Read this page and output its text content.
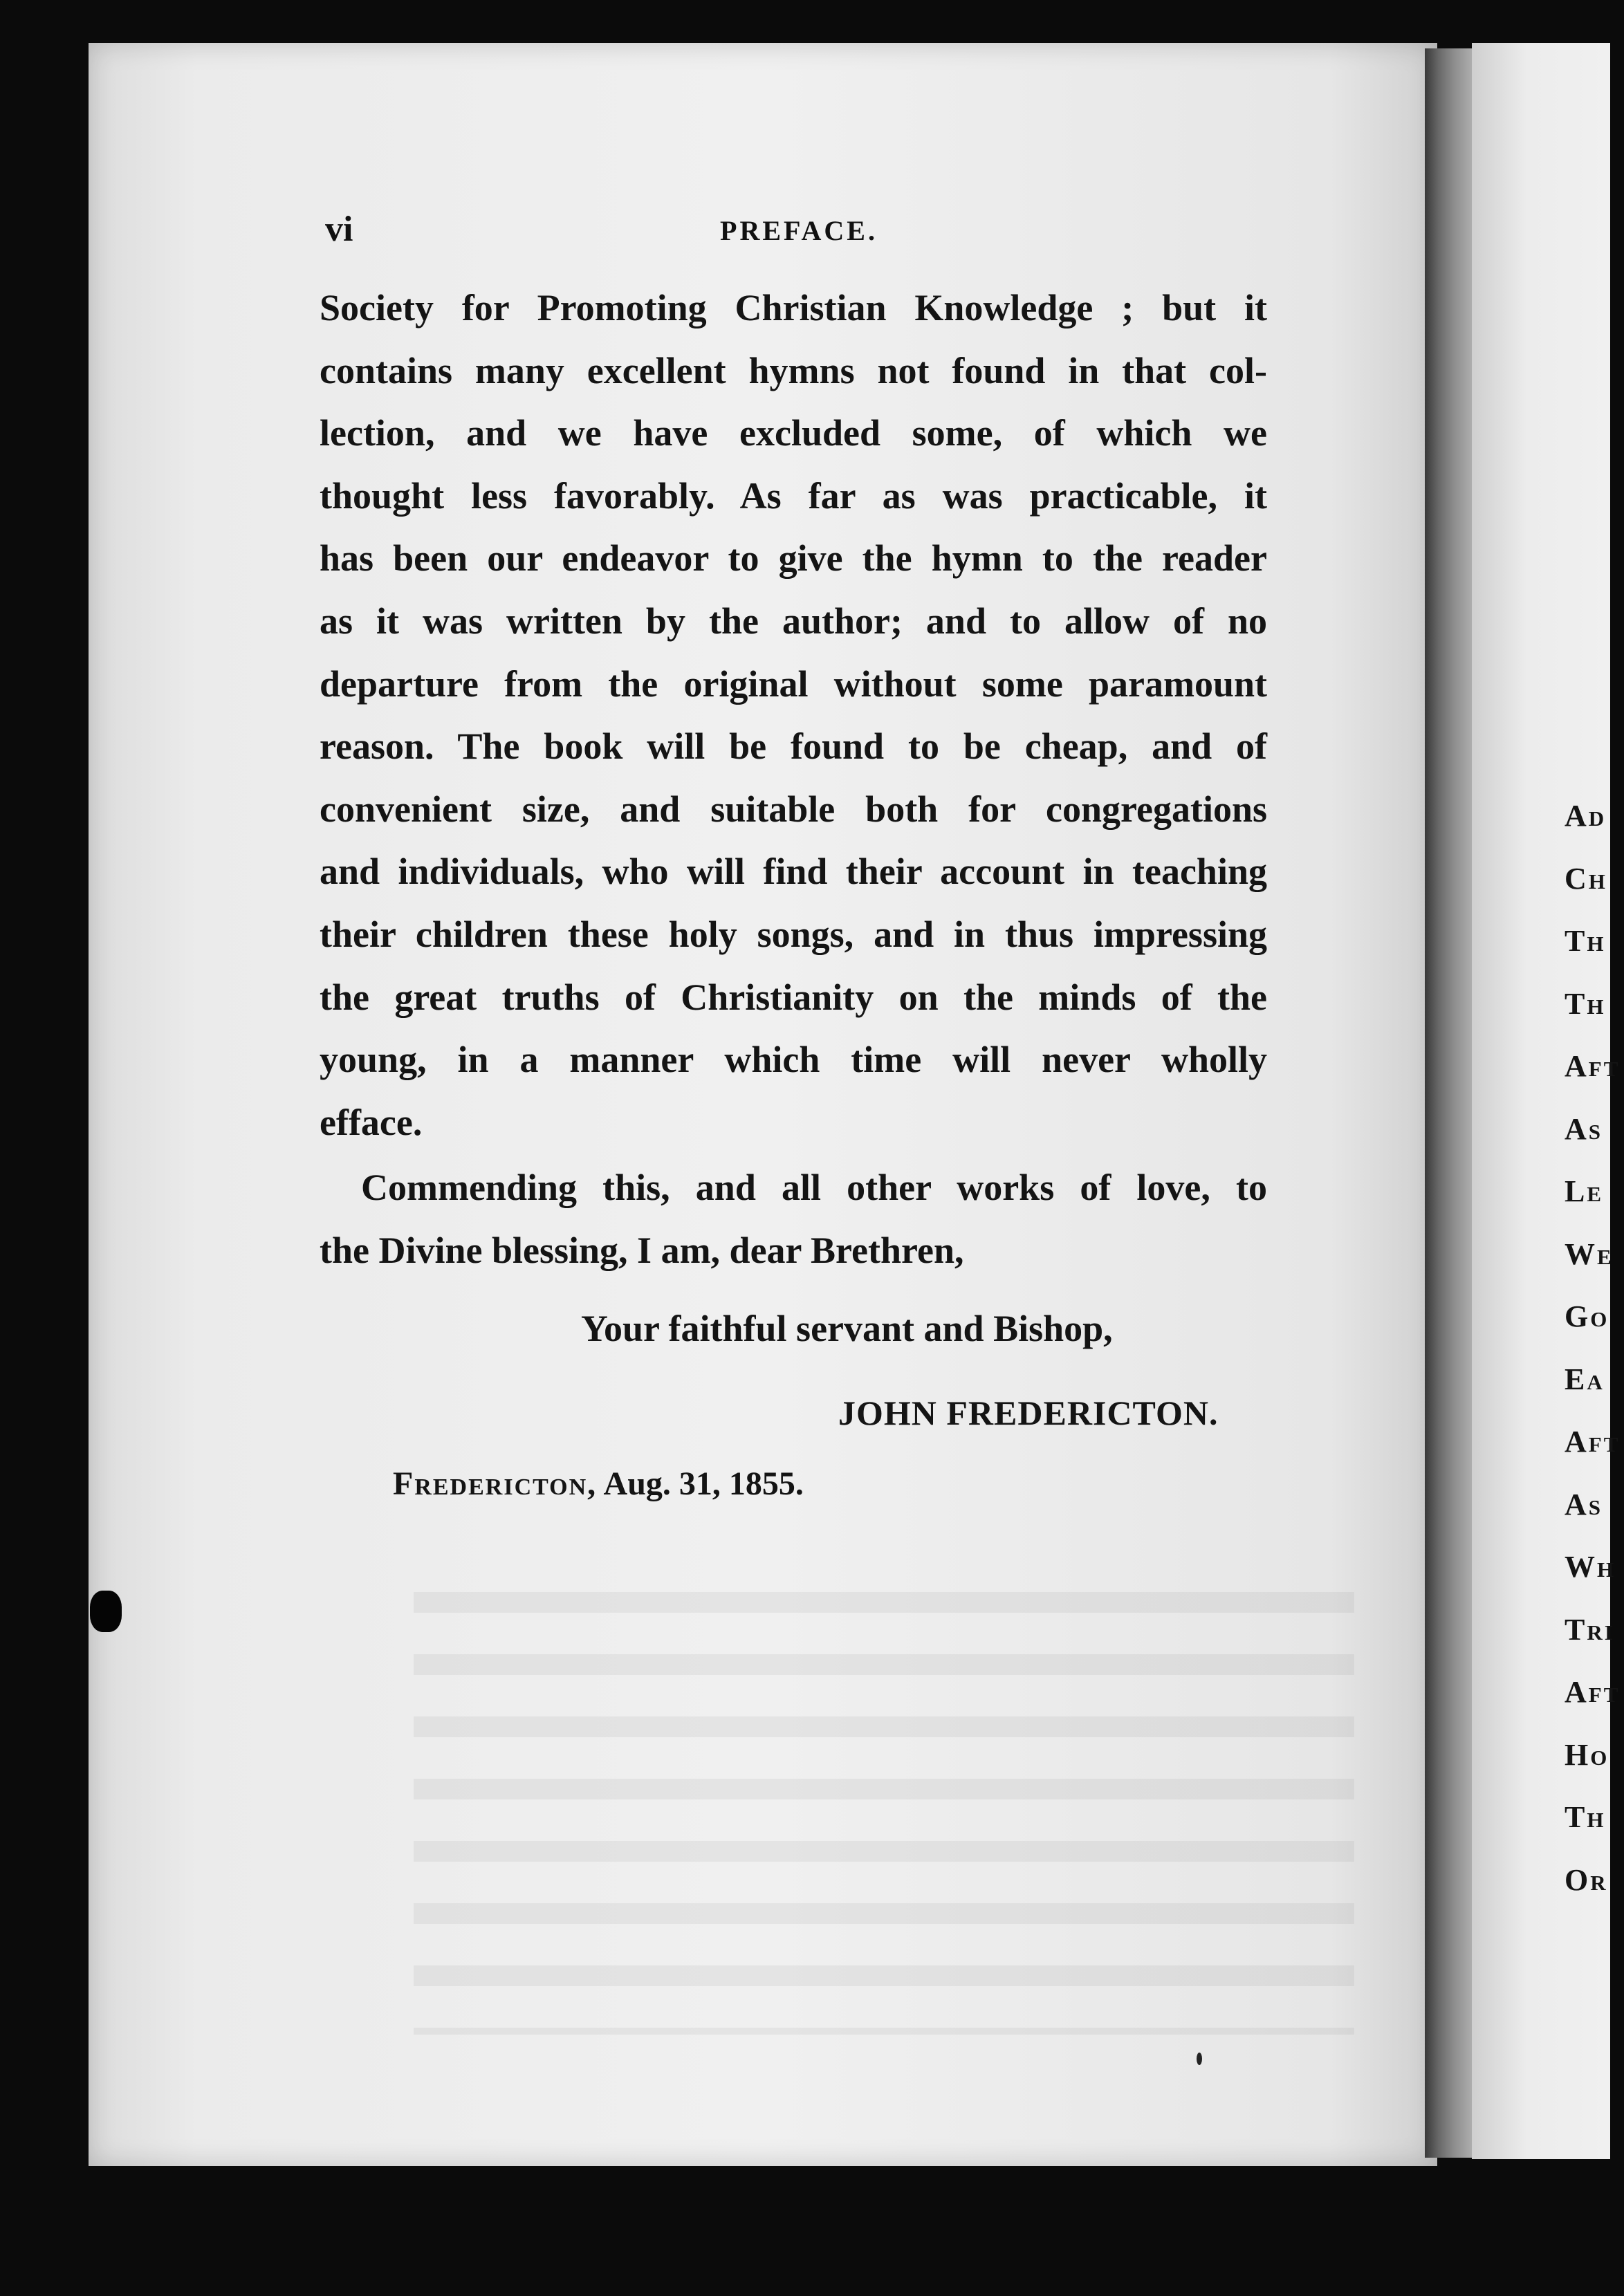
vi	PREFACE.
Society for Promoting Christian Knowledge ; but it
contains many excellent hymns not found in that col-
lection, and we have excluded some, of which we
thought less favorably. As far as was practicable, it
has been our endeavor to give the hymn to the reader
as it was written by the author; and to allow of no
departure from the original without some paramount
reason. The book will be found to be cheap, and of
convenient size, and suitable both for congregations
and individuals, who will find their account in teaching
their children these holy songs, and in thus impressing
the great truths of Christianity on the minds of the
young, in a manner which time will never wholly
efface.
Commending this, and all other works of love, to
the Divine blessing, I am, dear Brethren,
Your faithful servant and Bishop,
JOHN FREDERICTON.
Fredericton, Aug. 31, 1855.
Ad
Ch
Th
Th
Aft
As
Le
We
Go
Ea
Aft
As
Wh
Tri
Aft
Ho
Th
Or
